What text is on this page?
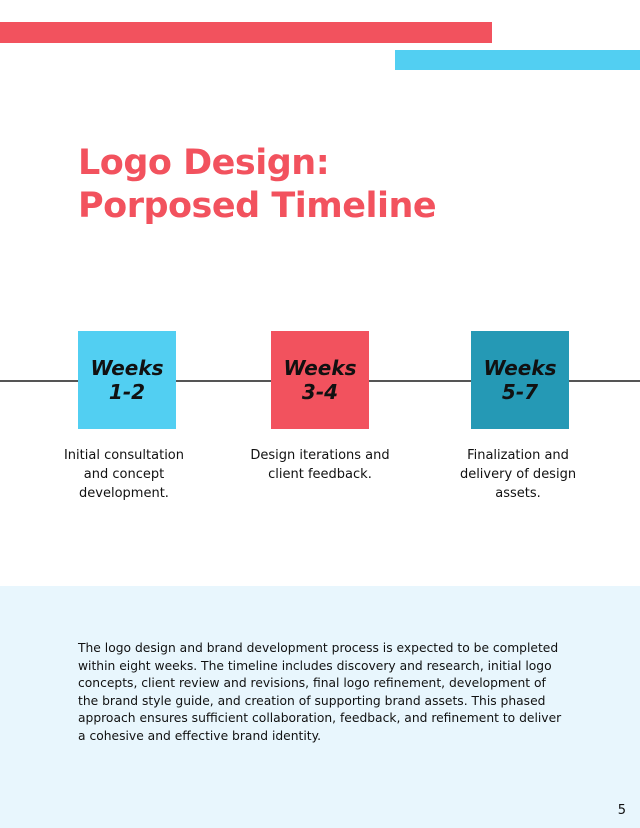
Logo Design:
Porposed Timeline
Weeks
1-2
Weeks
3-4
Weeks
5-7

Initial consultation and concept development.

Design iterations and client feedback.

Finalization and delivery of design assets.

The logo design and brand development process is expected to be completed within eight weeks. The timeline includes discovery and research, initial logo concepts, client review and revisions, final logo refinement, development of the brand style guide, and creation of supporting brand assets. This phased approach ensures sufficient collaboration, feedback, and refinement to deliver a cohesive and effective brand identity.

5
